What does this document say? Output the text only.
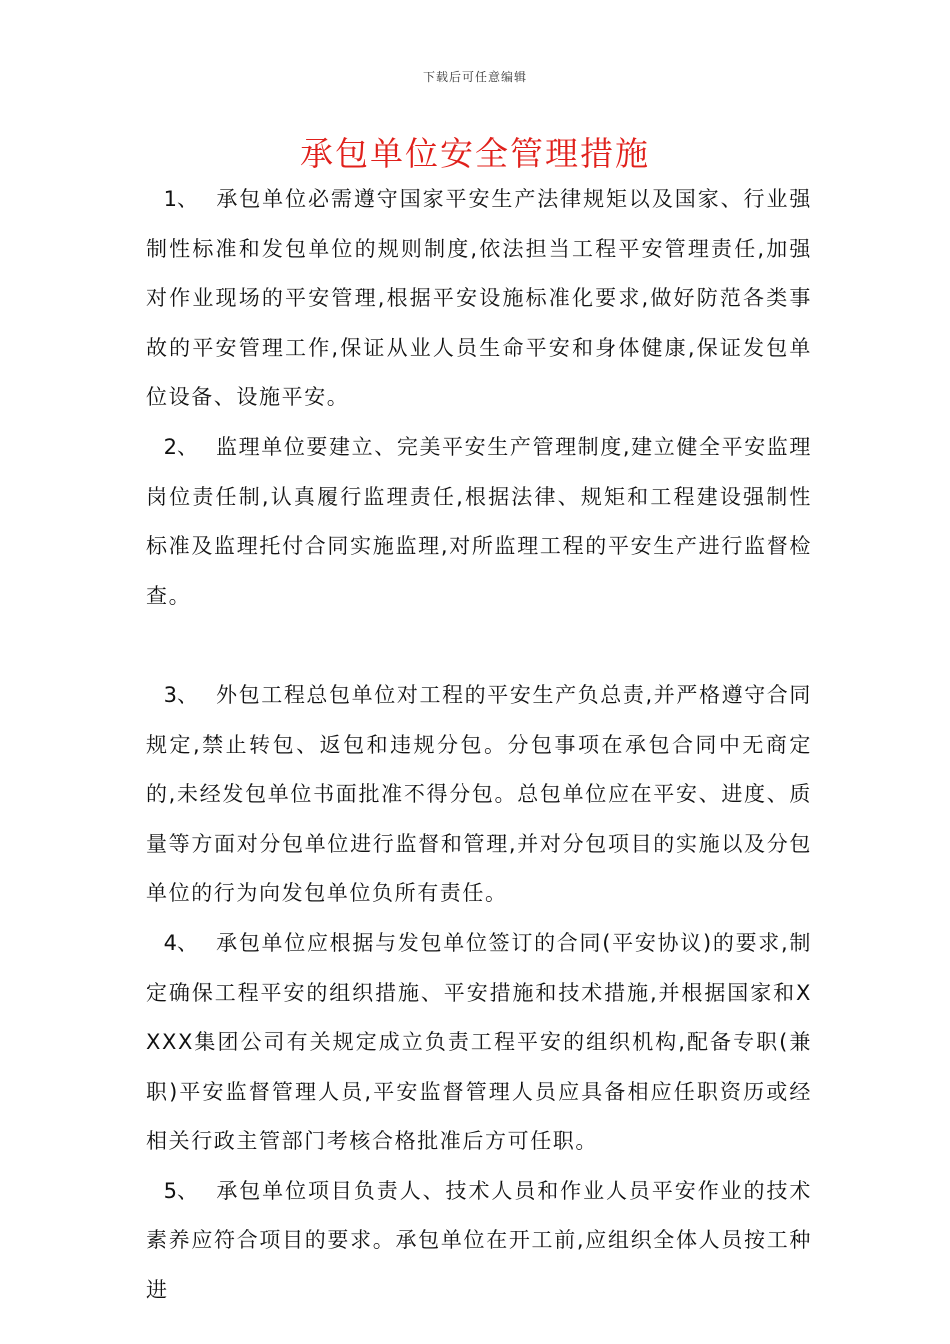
下载后可任意编辑
承包单位安全管理措施

1、 承包单位必需遵守国家平安生产法律规矩以及国家、行业强制性标准和发包单位的规则制度,依法担当工程平安管理责任,加强对作业现场的平安管理,根据平安设施标准化要求,做好防范各类事故的平安管理工作,保证从业人员生命平安和身体健康,保证发包单位设备、设施平安。

2、 监理单位要建立、完美平安生产管理制度,建立健全平安监理岗位责任制,认真履行监理责任,根据法律、规矩和工程建设强制性标准及监理托付合同实施监理,对所监理工程的平安生产进行监督检查。

3、 外包工程总包单位对工程的平安生产负总责,并严格遵守合同规定,禁止转包、返包和违规分包。分包事项在承包合同中无商定的,未经发包单位书面批准不得分包。总包单位应在平安、进度、质量等方面对分包单位进行监督和管理,并对分包项目的实施以及分包单位的行为向发包单位负所有责任。

4、 承包单位应根据与发包单位签订的合同(平安协议)的要求,制定确保工程平安的组织措施、平安措施和技术措施,并根据国家和XXXX集团公司有关规定成立负责工程平安的组织机构,配备专职(兼职)平安监督管理人员,平安监督管理人员应具备相应任职资历或经相关行政主管部门考核合格批准后方可任职。

5、 承包单位项目负责人、技术人员和作业人员平安作业的技术素养应符合项目的要求。承包单位在开工前,应组织全体人员按工种进
